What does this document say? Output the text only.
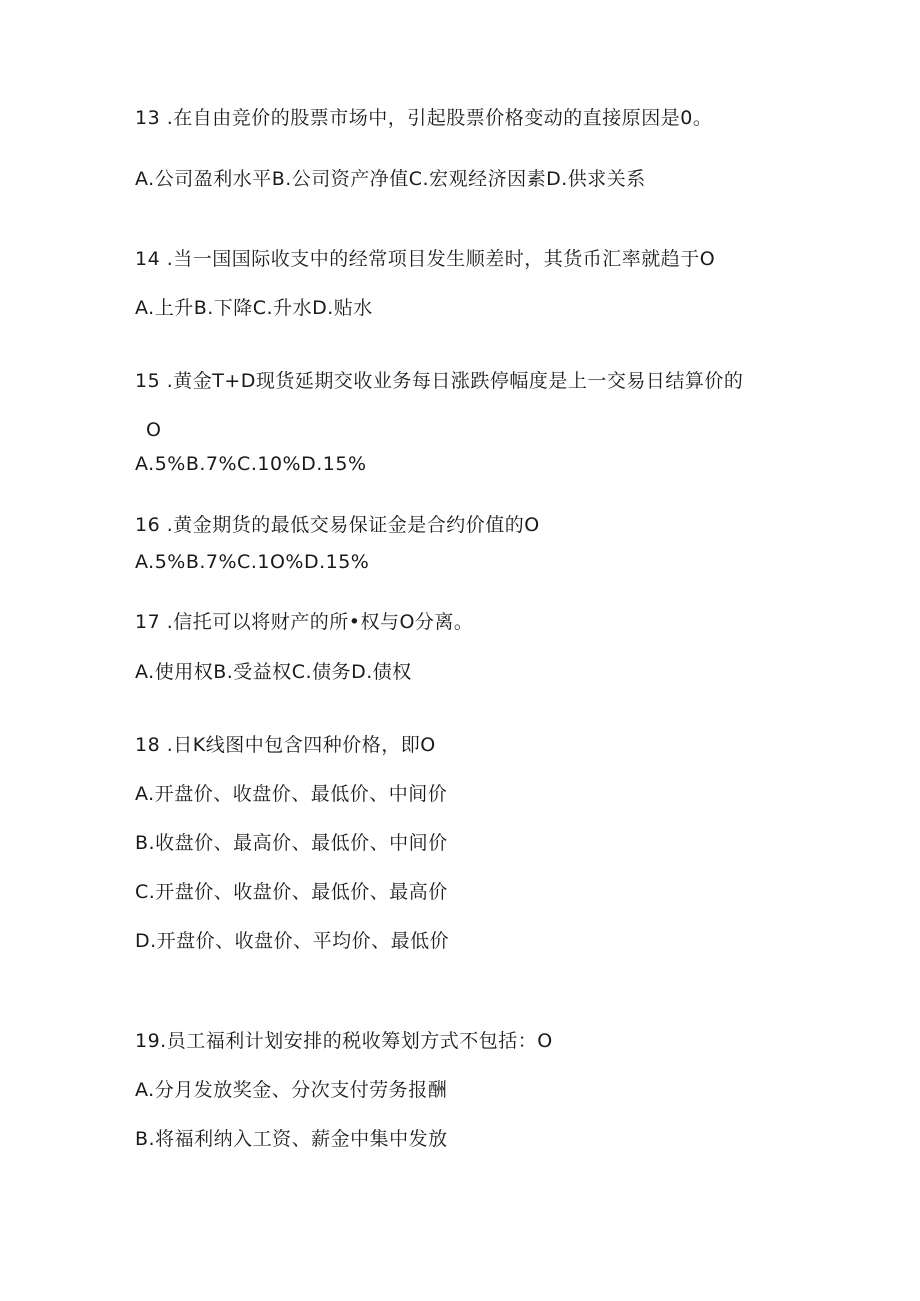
13 .在自由竞价的股票市场中，引起股票价格变动的直接原因是0。
A.公司盈利水平B.公司资产净值C.宏观经济因素D.供求关系
14 .当一国国际收支中的经常项目发生顺差时，其货币汇率就趋于O
A.上升B.下降C.升水D.贴水
15 .黄金T+D现货延期交收业务每日涨跌停幅度是上一交易日结算价的
O
A.5%B.7%C.10%D.15%
16 .黄金期货的最低交易保证金是合约价值的O
A.5%B.7%C.1O%D.15%
17 .信托可以将财产的所•权与O分离。
A.使用权B.受益权C.债务D.债权
18 .日K线图中包含四种价格，即O
A.开盘价、收盘价、最低价、中间价
B.收盘价、最高价、最低价、中间价
C.开盘价、收盘价、最低价、最高价
D.开盘价、收盘价、平均价、最低价
19.员工福利计划安排的税收筹划方式不包括：O
A.分月发放奖金、分次支付劳务报酬
B.将福利纳入工资、薪金中集中发放
